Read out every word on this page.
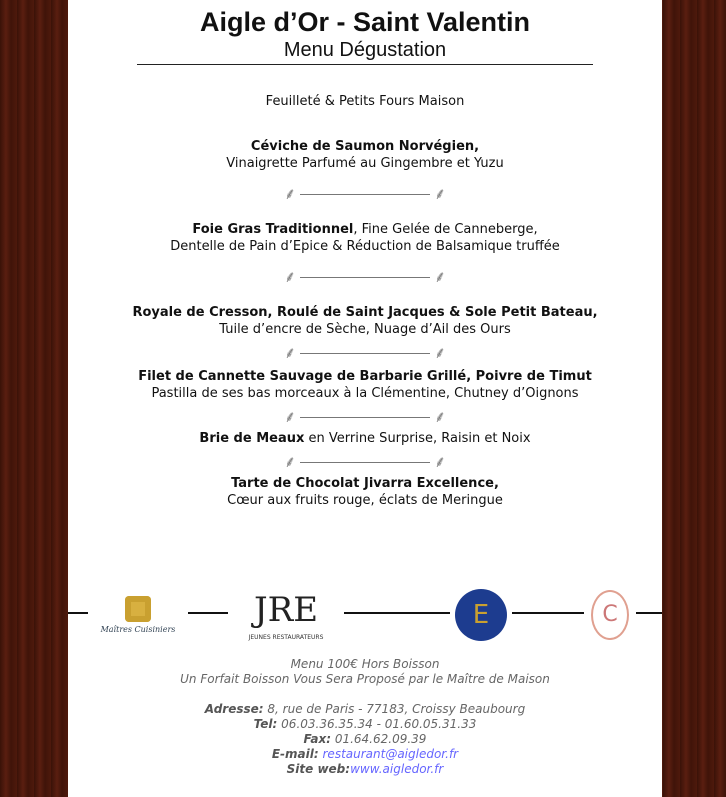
Aigle d’Or - Saint Valentin
Menu Dégustation
Feuilleté & Petits Fours Maison
Céviche de Saumon Norvégien,
Vinaigrette Parfumé au Gingembre et Yuzu
⸙	⸙
Foie Gras Traditionnel, Fine Gelée de Canneberge,
Dentelle de Pain d’Epice & Réduction de Balsamique truffée
⸙	⸙
Royale de Cresson, Roulé de Saint Jacques & Sole Petit Bateau,
Tuile d’encre de Sèche, Nuage d’Ail des Ours
⸙	⸙
Filet de Cannette Sauvage de Barbarie Grillé, Poivre de Timut
Pastilla de ses bas morceaux à la Clémentine, Chutney d’Oignons
⸙	⸙
Brie de Meaux en Verrine Surprise, Raisin et Noix
⸙	⸙
Tarte de Chocolat Jivarra Excellence,
Cœur aux fruits rouge, éclats de Meringue
Maîtres Cuisiniers JRE
JEUNES RESTAURATEURS
E	C
Menu 100€ Hors Boisson
Un Forfait Boisson Vous Sera Proposé par le Maître de Maison
Adresse: 8, rue de Paris - 77183, Croissy Beaubourg
Tel: 06.03.36.35.34 - 01.60.05.31.33
Fax: 01.64.62.09.39
E-mail: restaurant@aigledor.fr
Site web:www.aigledor.fr
